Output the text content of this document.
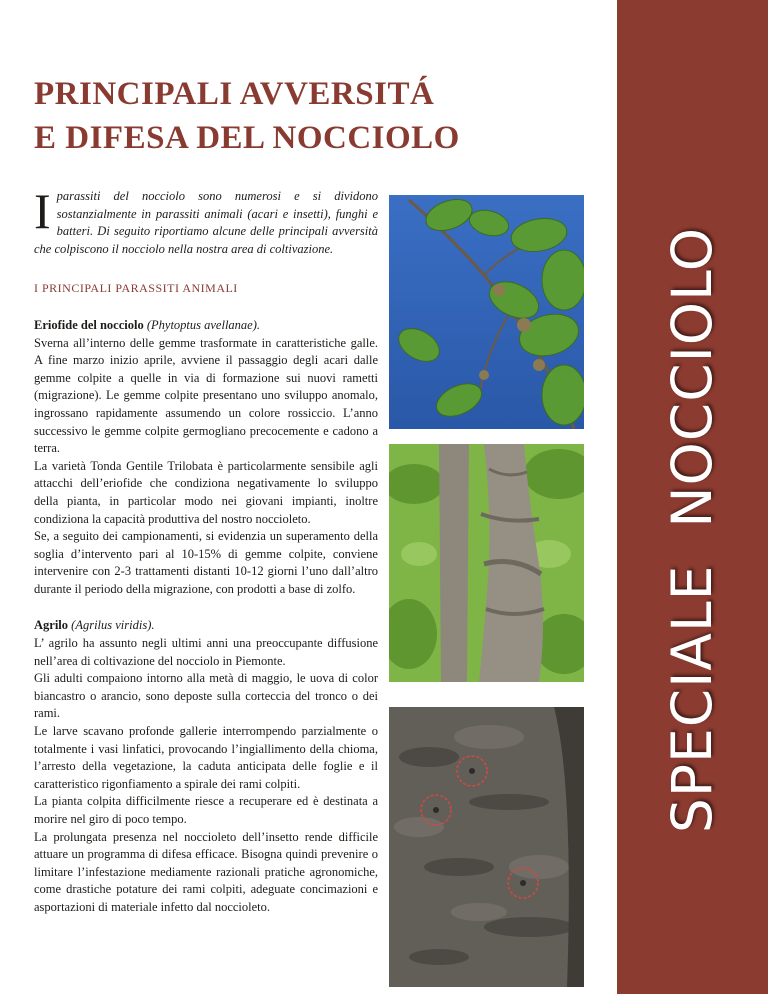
PRINCIPALI AVVERSITÁ
E DIFESA DEL NOCCIOLO
SPECIALE  NOCCIOLO

Iparassiti del nocciolo sono numerosi e si dividono sostanzialmente in parassiti animali (acari e insetti), funghi e batteri. Di seguito riportiamo alcune delle principali avversità che colpiscono il nocciolo nella nostra area di coltivazione.

I PRINCIPALI PARASSITI ANIMALI

Eriofide del nocciolo (Phytoptus avellanae).

Sverna all’interno delle gemme trasformate in caratteristiche galle. A fine marzo inizio aprile, avviene il passaggio degli acari dalle gemme colpite a quelle in via di formazione sui nuovi rametti (migrazione). Le gemme colpite presentano uno sviluppo anomalo, ingrossano rapidamente assumendo un colore rossiccio. L’anno successivo le gemme colpite germogliano precocemente e cadono a terra.

La varietà Tonda Gentile Trilobata è particolarmente sensibile agli attacchi dell’eriofide che condiziona negativamente lo sviluppo della pianta, in particolar modo nei giovani impianti, inoltre condiziona la capacità produttiva del nostro noccioleto.

Se, a seguito dei campionamenti, si evidenzia un superamento della soglia d’intervento pari al 10-15% di gemme colpite, conviene intervenire con 2-3 trattamenti distanti 10-12 giorni l’uno dall’altro durante il periodo della migrazione, con prodotti a base di zolfo.

Agrilo (Agrilus viridis).

L’ agrilo ha assunto negli ultimi anni una preoccupante diffusione nell’area di coltivazione del nocciolo in Piemonte.

Gli adulti compaiono intorno alla metà di maggio, le uova di color biancastro o arancio, sono deposte sulla corteccia del tronco o dei rami.

Le larve scavano profonde gallerie interrompendo parzialmente o totalmente i vasi linfatici, provocando l’ingiallimento della chioma, l’arresto della vegetazione, la caduta anticipata delle foglie e il caratteristico rigonfiamento a spirale dei rami colpiti.

La pianta colpita difficilmente riesce a recuperare ed è destinata a morire nel giro di poco tempo.

La prolungata presenza nel noccioleto dell’insetto rende difficile attuare un programma di difesa efficace. Bisogna quindi prevenire o limitare l’infestazione mediamente razionali pratiche agronomiche, come drastiche potature dei rami colpiti, adeguate concimazioni e asportazioni di materiale infetto dal noccioleto.
